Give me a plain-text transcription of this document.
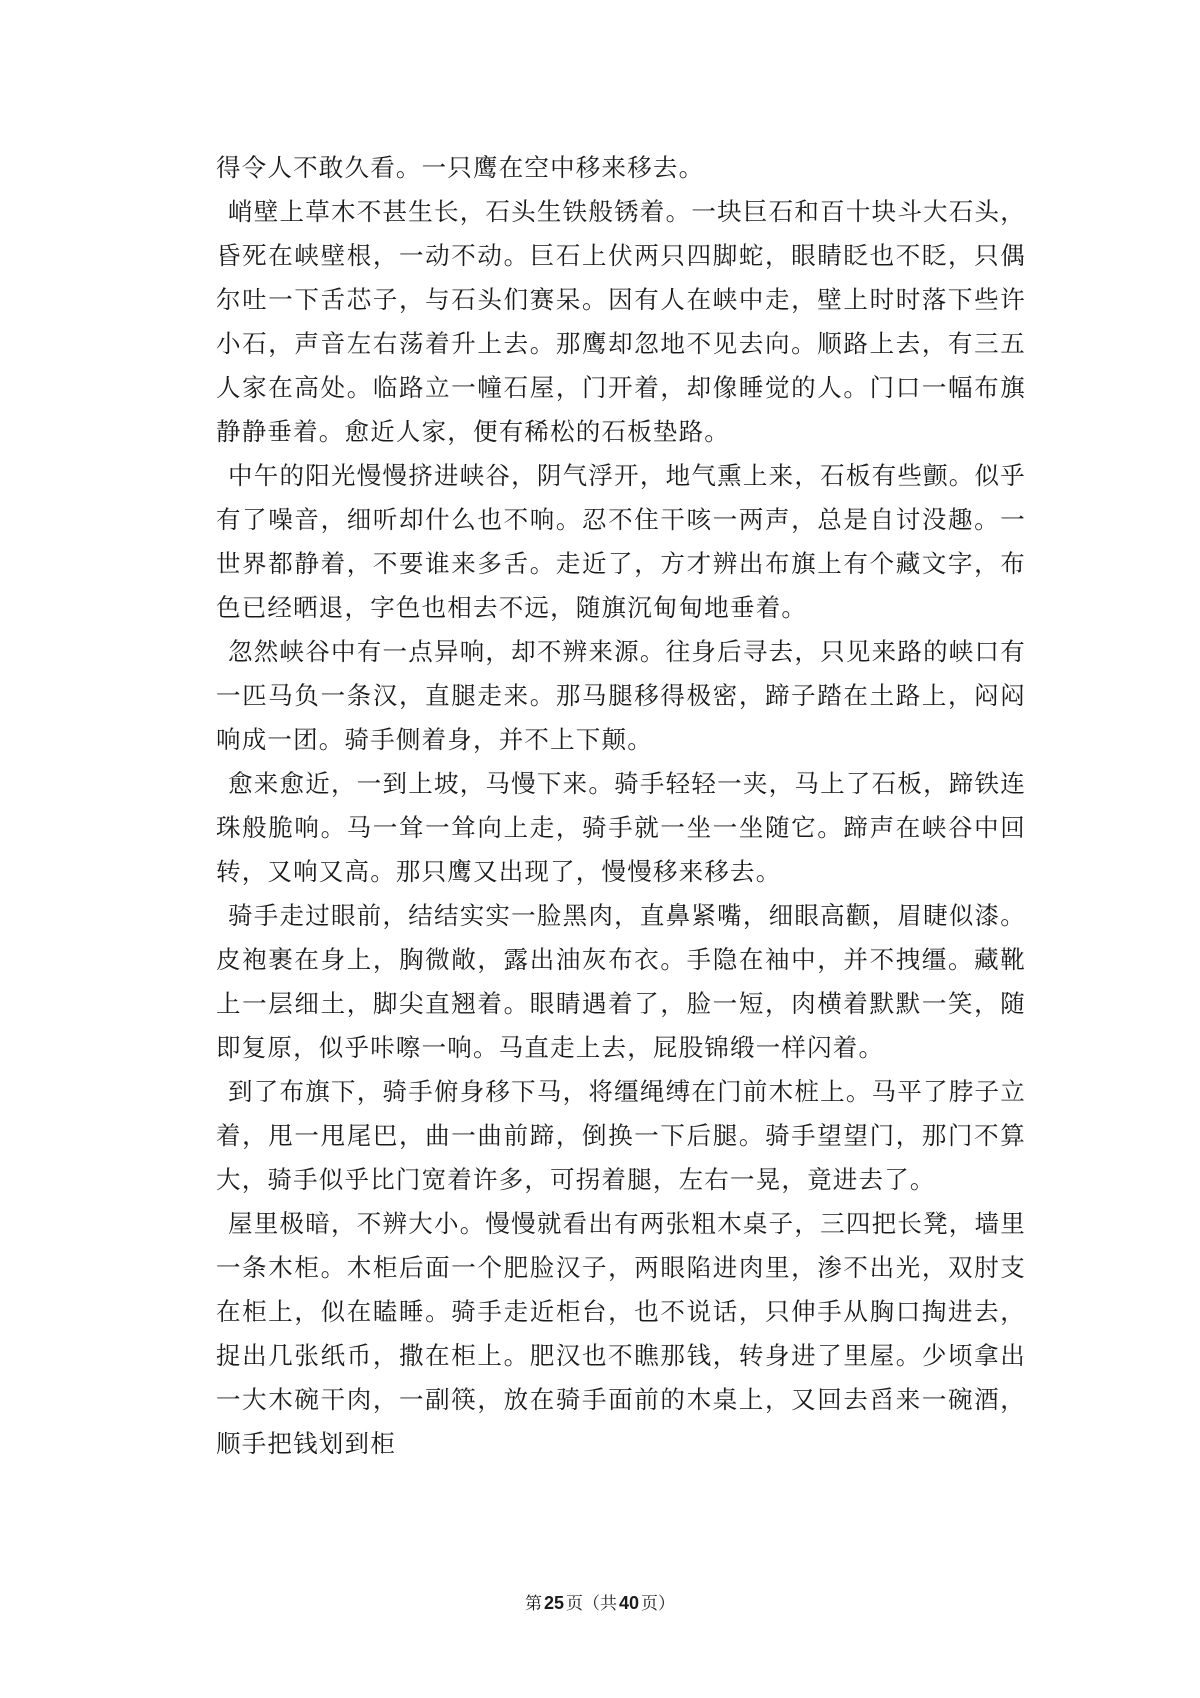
得令人不敢久看。一只鹰在空中移来移去。

峭壁上草木不甚生长，石头生铁般锈着。一块巨石和百十块斗大石头，昏死在峡壁根，一动不动。巨石上伏两只四脚蛇，眼睛眨也不眨，只偶尔吐一下舌芯子，与石头们赛呆。因有人在峡中走，壁上时时落下些许小石，声音左右荡着升上去。那鹰却忽地不见去向。顺路上去，有三五人家在高处。临路立一幢石屋，门开着，却像睡觉的人。门口一幅布旗静静垂着。愈近人家，便有稀松的石板垫路。

中午的阳光慢慢挤进峡谷，阴气浮开，地气熏上来，石板有些颤。似乎有了噪音，细听却什么也不响。忍不住干咳一两声，总是自讨没趣。一世界都静着，不要谁来多舌。走近了，方才辨出布旗上有个藏文字，布色已经晒退，字色也相去不远，随旗沉甸甸地垂着。

忽然峡谷中有一点异响，却不辨来源。往身后寻去，只见来路的峡口有一匹马负一条汉，直腿走来。那马腿移得极密，蹄子踏在土路上，闷闷响成一团。骑手侧着身，并不上下颠。

愈来愈近，一到上坡，马慢下来。骑手轻轻一夹，马上了石板，蹄铁连珠般脆响。马一耸一耸向上走，骑手就一坐一坐随它。蹄声在峡谷中回转，又响又高。那只鹰又出现了，慢慢移来移去。

骑手走过眼前，结结实实一脸黑肉，直鼻紧嘴，细眼高颧，眉睫似漆。皮袍裹在身上，胸微敞，露出油灰布衣。手隐在袖中，并不拽缰。藏靴上一层细土，脚尖直翘着。眼睛遇着了，脸一短，肉横着默默一笑，随即复原，似乎咔嚓一响。马直走上去，屁股锦缎一样闪着。

到了布旗下，骑手俯身移下马，将缰绳缚在门前木桩上。马平了脖子立着，甩一甩尾巴，曲一曲前蹄，倒换一下后腿。骑手望望门，那门不算大，骑手似乎比门宽着许多，可拐着腿，左右一晃，竟进去了。

屋里极暗，不辨大小。慢慢就看出有两张粗木桌子，三四把长凳，墙里一条木柜。木柜后面一个肥脸汉子，两眼陷进肉里，渗不出光，双肘支在柜上，似在瞌睡。骑手走近柜台，也不说话，只伸手从胸口掏进去，捉出几张纸币，撒在柜上。肥汉也不瞧那钱，转身进了里屋。少顷拿出一大木碗干肉，一副筷，放在骑手面前的木桌上，又回去舀来一碗酒，顺手把钱划到柜

第 25 页（共 40 页）
